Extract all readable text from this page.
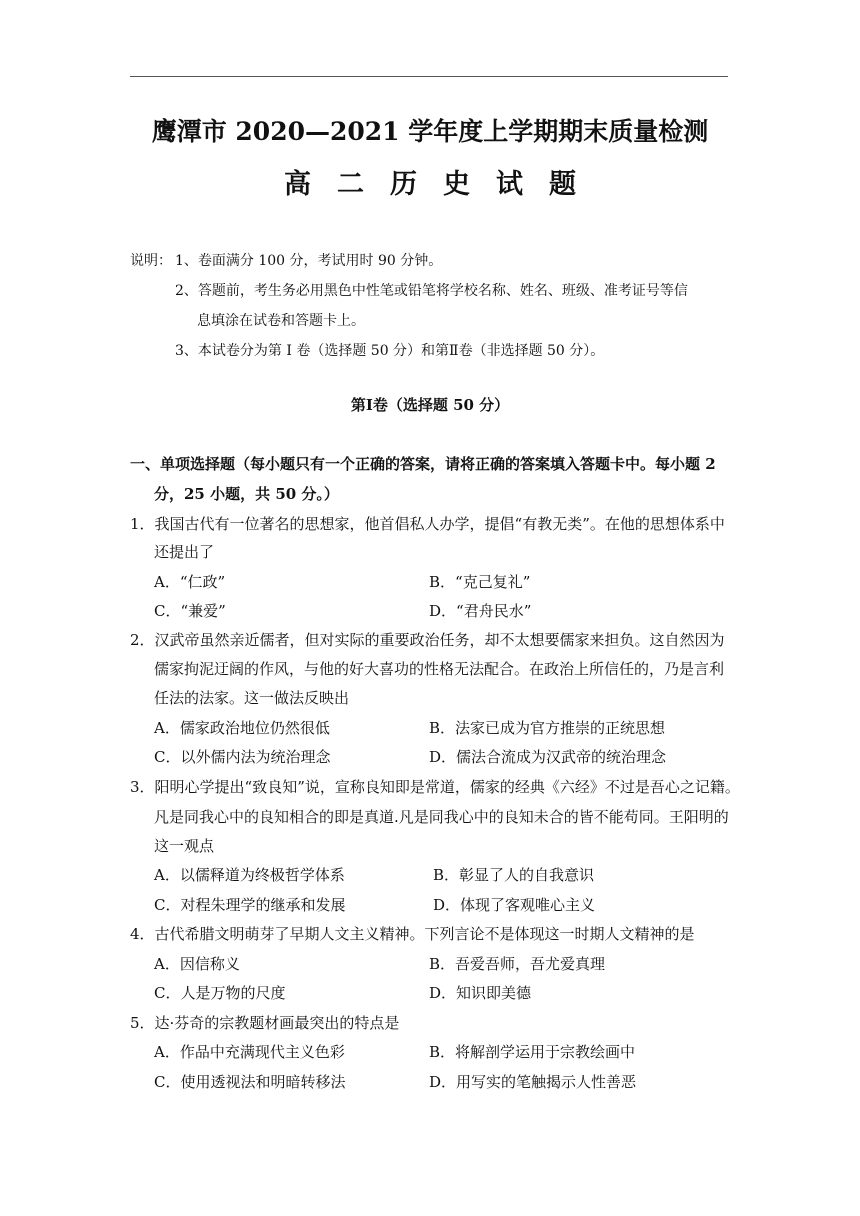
鹰潭市 2020—2021 学年度上学期期末质量检测
高二历史试题
说明： 1、卷面满分 100 分，考试用时 90 分钟。
2、答题前，考生务必用黑色中性笔或铅笔将学校名称、姓名、班级、准考证号等信
息填涂在试卷和答题卡上。
3、本试卷分为第 I 卷（选择题 50 分）和第Ⅱ卷（非选择题 50 分）。
第Ⅰ卷（选择题 50 分）
一、单项选择题（每小题只有一个正确的答案，请将正确的答案填入答题卡中。每小题 2
分，25 小题，共 50 分。）
1．我国古代有一位著名的思想家，他首倡私人办学，提倡“有教无类”。在他的思想体系中
还提出了
A．“仁政”	B．“克己复礼”
C．“兼爱”	D．“君舟民水”
2．汉武帝虽然亲近儒者，但对实际的重要政治任务，却不太想要儒家来担负。这自然因为
儒家拘泥迂阔的作风，与他的好大喜功的性格无法配合。在政治上所信任的，乃是言利
任法的法家。这一做法反映出
A．儒家政治地位仍然很低	B．法家已成为官方推崇的正统思想
C．以外儒内法为统治理念	D．儒法合流成为汉武帝的统治理念
3．阳明心学提出“致良知”说，宣称良知即是常道，儒家的经典《六经》不过是吾心之记籍。
凡是同我心中的良知相合的即是真道.凡是同我心中的良知未合的皆不能苟同。王阳明的
这一观点
A．以儒释道为终极哲学体系	B．彰显了人的自我意识
C．对程朱理学的继承和发展	D．体现了客观唯心主义
4．古代希腊文明萌芽了早期人文主义精神。下列言论不是体现这一时期人文精神的是
A．因信称义	B．吾爱吾师，吾尤爱真理
C．人是万物的尺度	D．知识即美德
5．达·芬奇的宗教题材画最突出的特点是
A．作品中充满现代主义色彩	B．将解剖学运用于宗教绘画中
C．使用透视法和明暗转移法	D．用写实的笔触揭示人性善恶
